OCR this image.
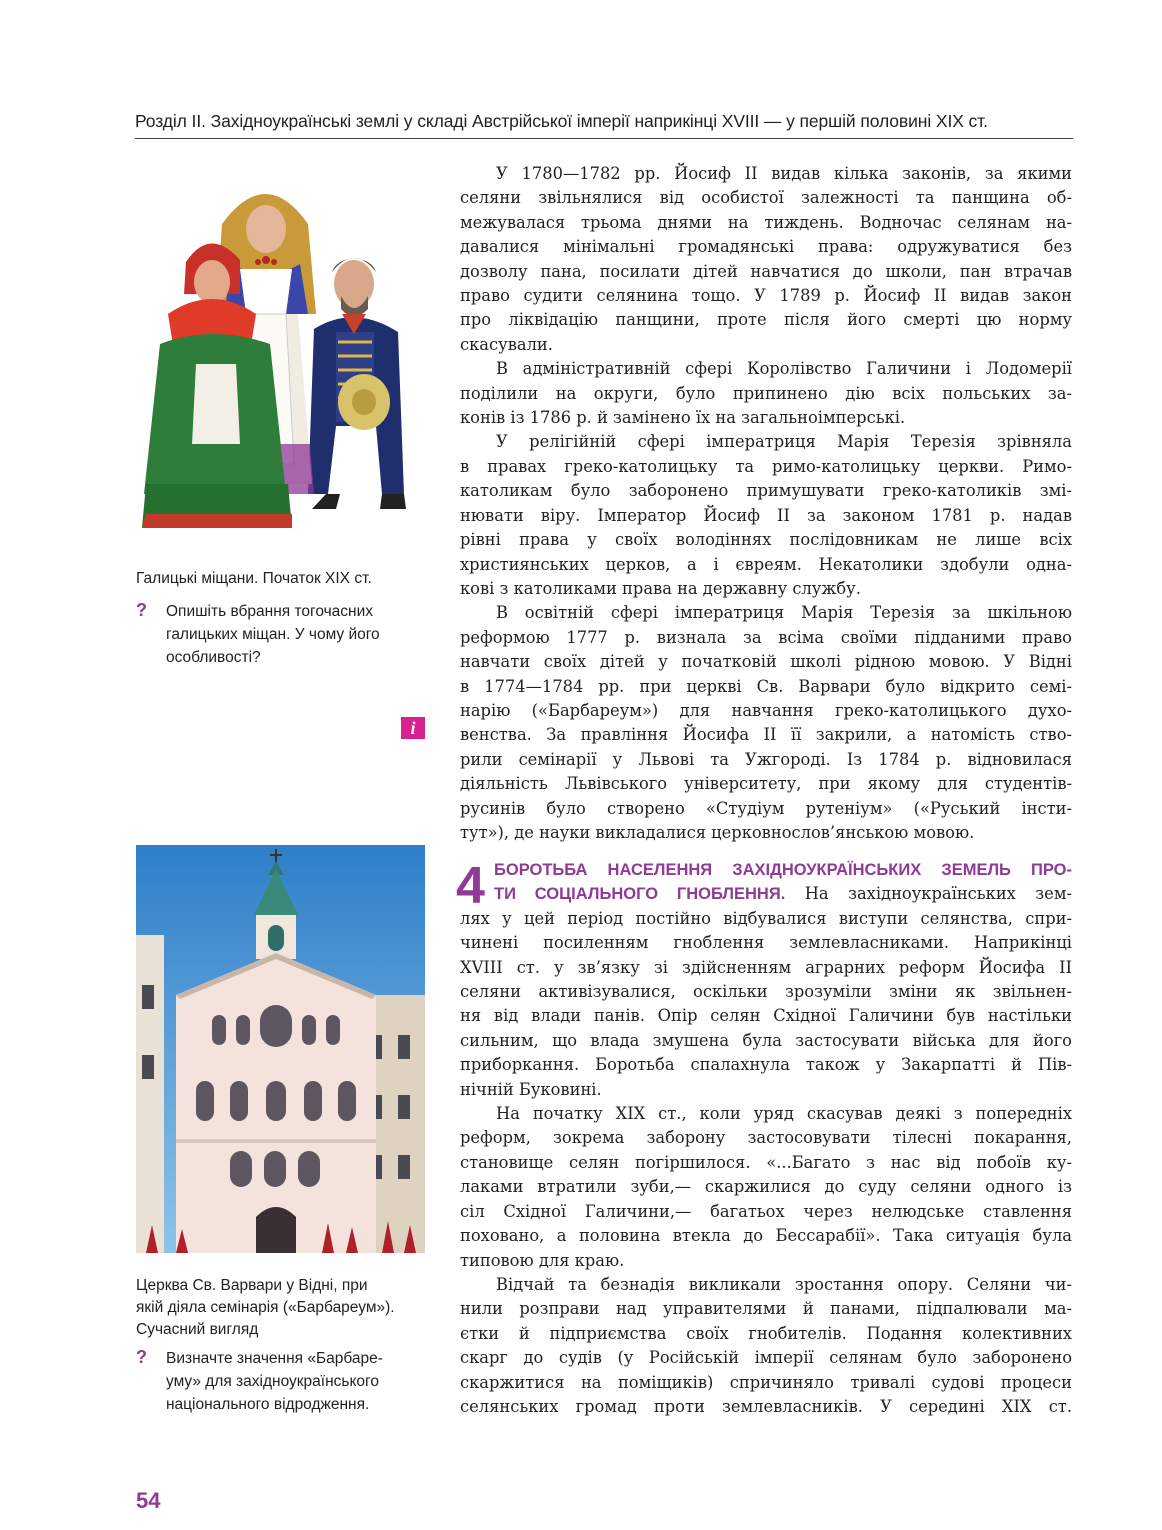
Розділ ІІ. Західноукраїнські землі у складі Австрійської імперії наприкінці XVIII — у першій половині XIX ст.
Галицькі міщани. Початок XIX ст.
? Опишіть вбрання тогочасних
галицьких міщан. У чому його
особливості?
i
Церква Св. Варвари у Відні, при
якій діяла семінарія («Барбареум»).
Сучасний вигляд
? Визначте значення «Барбаре-
уму» для західноукраїнського
національного відродження.

У 1780—1782 рр. Йосиф II видав кілька законів, за якими

селяни звільнялися від особистої залежності та панщина об-

межувалася трьома днями на тиждень. Водночас селянам на-

давалися мінімальні громадянські права: одружуватися без

дозволу пана, посилати дітей навчатися до школи, пан втрачав

право судити селянина тощо. У 1789 р. Йосиф II видав закон

про ліквідацію панщини, проте після його смерті цю норму

скасували.

В адміністративній сфері Королівство Галичини і Лодомерії

поділили на округи, було припинено дію всіх польських за-

конів із 1786 р. й замінено їх на загальноімперські.

У релігійній сфері імператриця Марія Терезія зрівняла

в правах греко-католицьку та римо-католицьку церкви. Римо-

католикам було заборонено примушувати греко-католиків змі-

нювати віру. Імператор Йосиф II за законом 1781 р. надав

рівні права у своїх володіннях послідовникам не лише всіх

християнських церков, а і євреям. Некатолики здобули одна-

кові з католиками права на державну службу.

В освітній сфері імператриця Марія Терезія за шкільною

реформою 1777 р. визнала за всіма своїми підданими право

навчати своїх дітей у початковій школі рідною мовою. У Відні

в 1774—1784 рр. при церкві Св. Варвари було відкрито семі-

нарію («Барбареум») для навчання греко-католицького духо-

венства. За правління Йосифа II її закрили, а натомість ство-

рили семінарії у Львові та Ужгороді. Із 1784 р. відновилася

діяльність Львівського університету, при якому для студентів-

русинів було створено «Студіум рутеніум» («Руський інсти-

тут»), де науки викладалися церковнослов’янською мовою.

4 БОРОТЬБА НАСЕЛЕННЯ ЗАХІДНОУКРАЇНСЬКИХ ЗЕМЕЛЬ ПРО-

ТИ СОЦІАЛЬНОГО ГНОБЛЕННЯ. На західноукраїнських зем-

лях у цей період постійно відбувалися виступи селянства, спри-

чинені посиленням гноблення землевласниками. Наприкінці

XVIII ст. у зв’язку зі здійсненням аграрних реформ Йосифа II

селяни активізувалися, оскільки зрозуміли зміни як звільнен-

ня від влади панів. Опір селян Східної Галичини був настільки

сильним, що влада змушена була застосувати війська для його

приборкання. Боротьба спалахнула також у Закарпатті й Пів-

нічній Буковині.

На початку XIX ст., коли уряд скасував деякі з попередніх

реформ, зокрема заборону застосовувати тілесні покарання,

становище селян погіршилося. «...Багато з нас від побоїв ку-

лаками втратили зуби,— скаржилися до суду селяни одного із

сіл Східної Галичини,— багатьох через нелюдське ставлення

поховано, а половина втекла до Бессарабії». Така ситуація була

типовою для краю.

Відчай та безнадія викликали зростання опору. Селяни чи-

нили розправи над управителями й панами, підпалювали ма-

єтки й підприємства своїх гнобителів. Подання колективних

скарг до судів (у Російській імперії селянам було заборонено

скаржитися на поміщиків) спричиняло тривалі судові процеси

селянських громад проти землевласників. У середині XIX ст.

54
